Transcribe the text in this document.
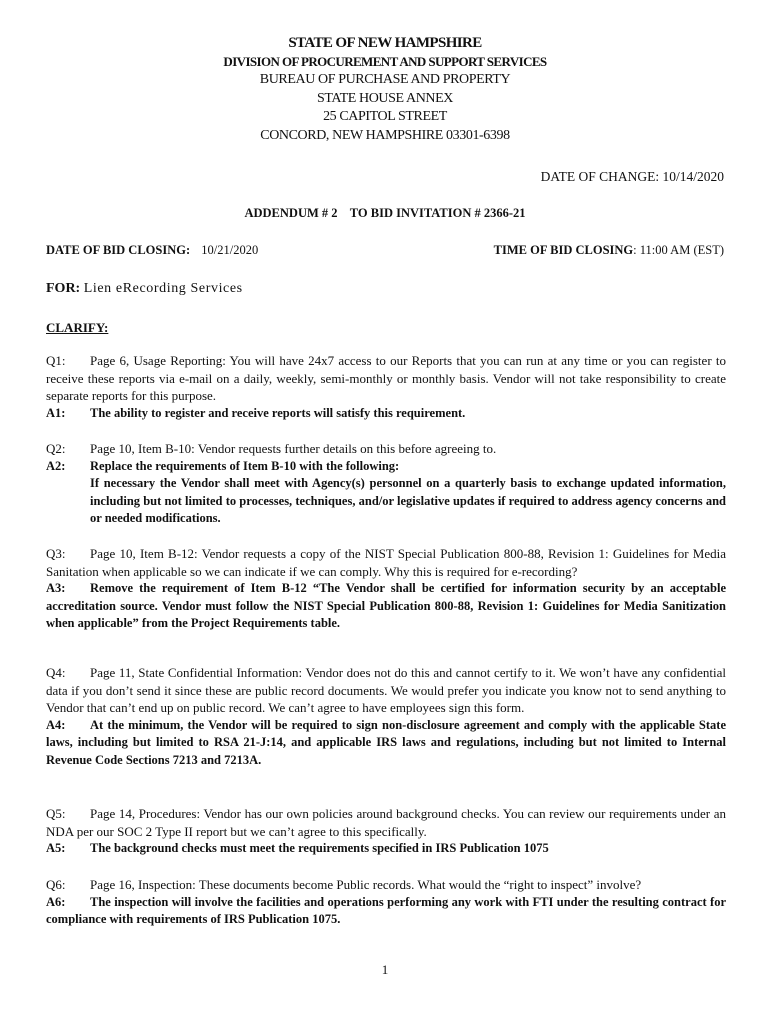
STATE OF NEW HAMPSHIRE
DIVISION OF PROCUREMENT AND SUPPORT SERVICES
BUREAU OF PURCHASE AND PROPERTY
STATE HOUSE ANNEX
25 CAPITOL STREET
CONCORD, NEW HAMPSHIRE 03301-6398
DATE OF CHANGE: 10/14/2020
ADDENDUM # 2    TO BID INVITATION # 2366-21
DATE OF BID CLOSING: 10/21/2020	TIME OF BID CLOSING: 11:00 AM (EST)
FOR: Lien eRecording Services
CLARIFY:
Q1: Page 6, Usage Reporting: You will have 24x7 access to our Reports that you can run at any time or you can register to receive these reports via e-mail on a daily, weekly, semi-monthly or monthly basis. Vendor will not take responsibility to create separate reports for this purpose.
A1: The ability to register and receive reports will satisfy this requirement.
Q2: Page 10, Item B-10: Vendor requests further details on this before agreeing to.
A2: Replace the requirements of Item B-10 with the following:
If necessary the Vendor shall meet with Agency(s) personnel on a quarterly basis to exchange updated information, including but not limited to processes, techniques, and/or legislative updates if required to address agency concerns and or needed modifications.
Q3: Page 10, Item B-12: Vendor requests a copy of the NIST Special Publication 800-88, Revision 1: Guidelines for Media Sanitation when applicable so we can indicate if we can comply. Why this is required for e-recording?
A3: Remove the requirement of Item B-12 “The Vendor shall be certified for information security by an acceptable accreditation source. Vendor must follow the NIST Special Publication 800-88, Revision 1: Guidelines for Media Sanitization when applicable” from the Project Requirements table.
Q4: Page 11, State Confidential Information: Vendor does not do this and cannot certify to it. We won’t have any confidential data if you don’t send it since these are public record documents. We would prefer you indicate you know not to send anything to Vendor that can’t end up on public record. We can’t agree to have employees sign this form.
A4: At the minimum, the Vendor will be required to sign non-disclosure agreement and comply with the applicable State laws, including but limited to RSA 21-J:14, and applicable IRS laws and regulations, including but not limited to Internal Revenue Code Sections 7213 and 7213A.
Q5: Page 14, Procedures: Vendor has our own policies around background checks. You can review our requirements under an NDA per our SOC 2 Type II report but we can’t agree to this specifically.
A5: The background checks must meet the requirements specified in IRS Publication 1075
Q6: Page 16, Inspection: These documents become Public records. What would the “right to inspect” involve?
A6: The inspection will involve the facilities and operations performing any work with FTI under the resulting contract for compliance with requirements of IRS Publication 1075.
1
